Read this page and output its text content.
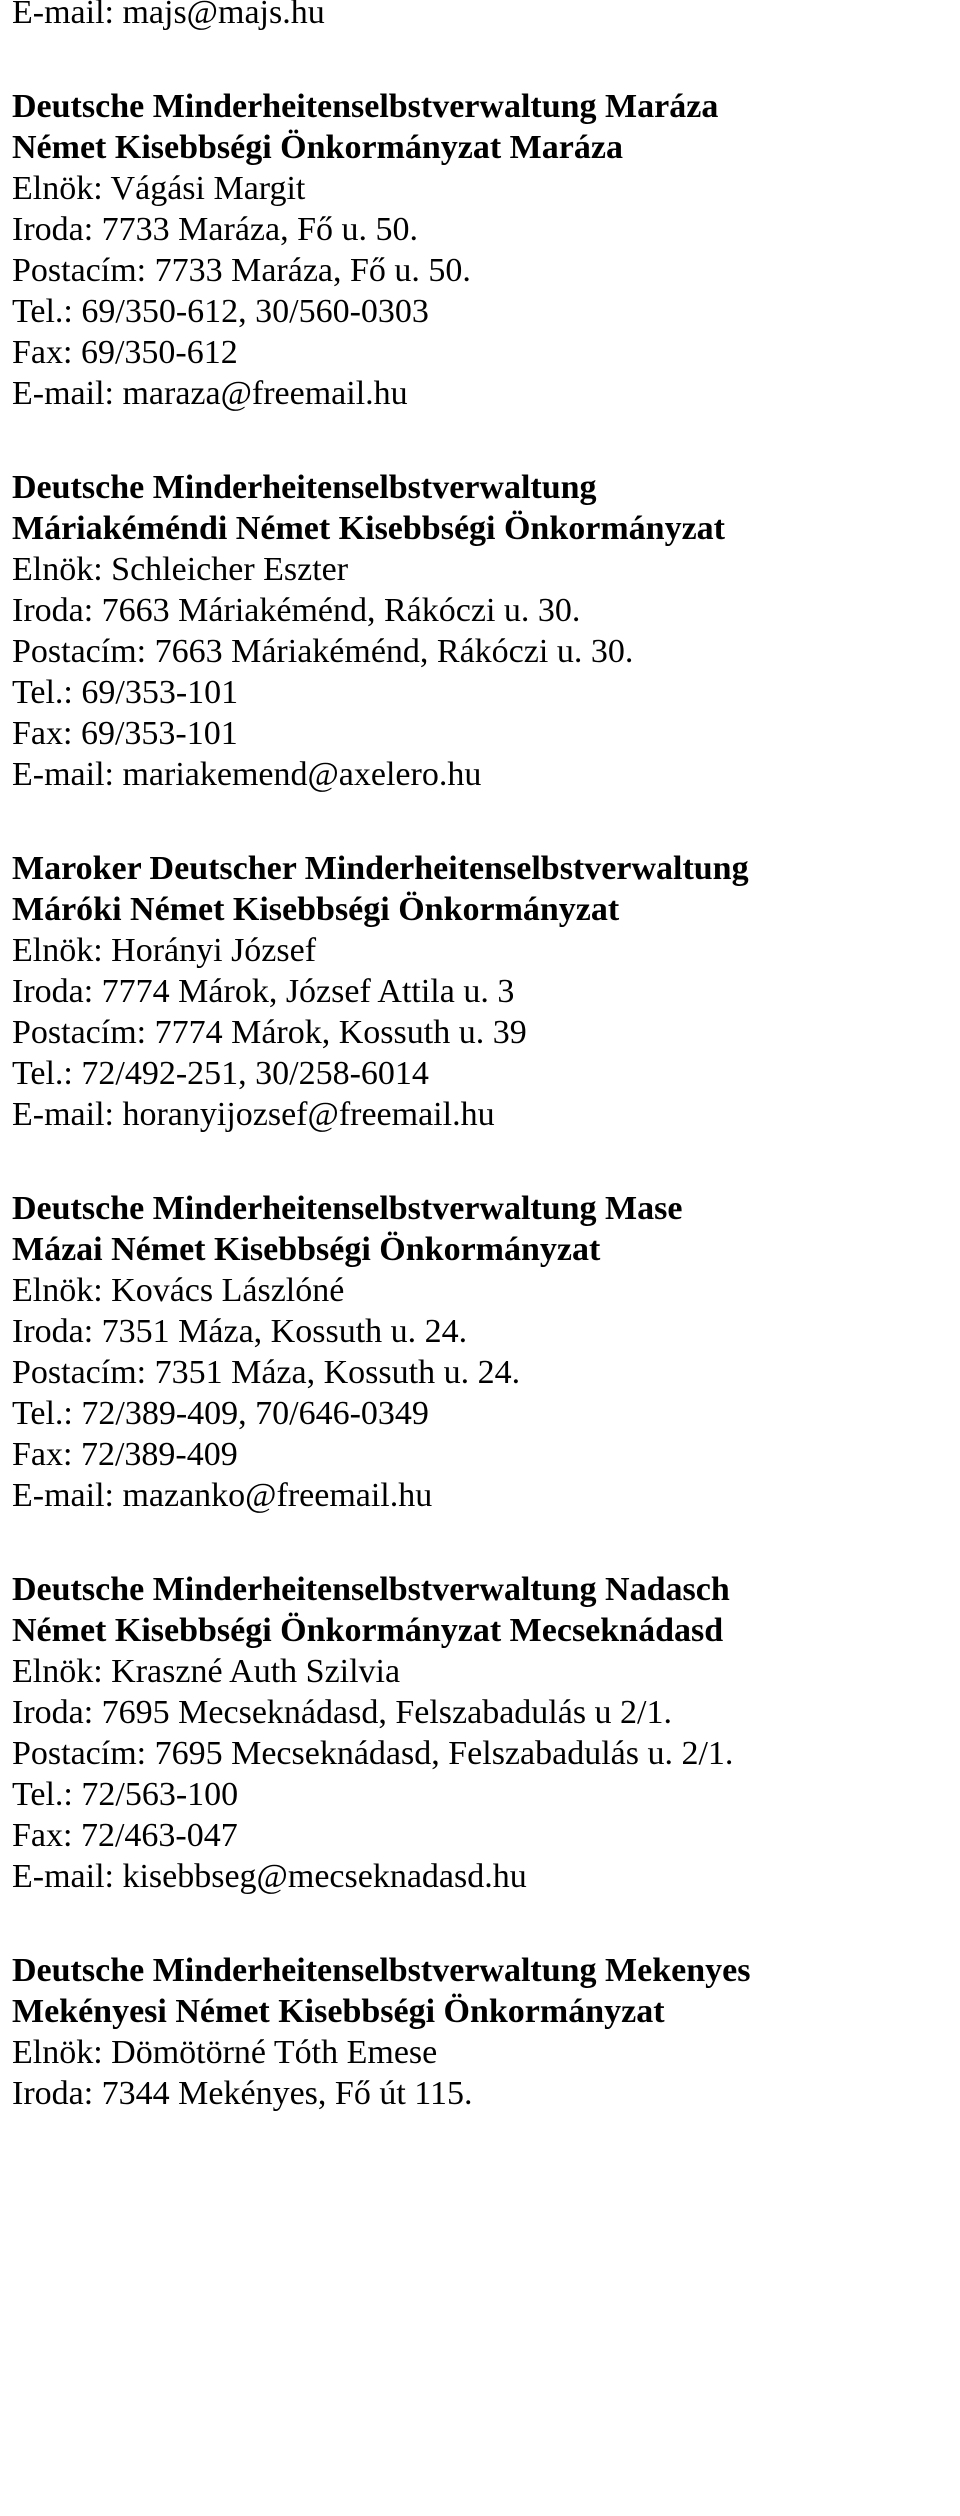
E-mail: majs@majs.hu
Deutsche Minderheitenselbstverwaltung Maráza
Német Kisebbségi Önkormányzat Maráza
Elnök: Vágási Margit
Iroda: 7733 Maráza, Fő u. 50.
Postacím: 7733 Maráza, Fő u. 50.
Tel.: 69/350-612, 30/560-0303
Fax: 69/350-612
E-mail: maraza@freemail.hu
Deutsche Minderheitenselbstverwaltung
Máriakéméndi Német Kisebbségi Önkormányzat
Elnök: Schleicher Eszter
Iroda: 7663 Máriakéménd, Rákóczi u. 30.
Postacím: 7663 Máriakéménd, Rákóczi u. 30.
Tel.: 69/353-101
Fax: 69/353-101
E-mail: mariakemend@axelero.hu
Maroker Deutscher Minderheitenselbstverwaltung
Máróki Német Kisebbségi Önkormányzat
Elnök: Horányi József
Iroda: 7774 Márok, József Attila u. 3
Postacím: 7774 Márok, Kossuth u. 39
Tel.: 72/492-251, 30/258-6014
E-mail: horanyijozsef@freemail.hu
Deutsche Minderheitenselbstverwaltung Mase
Mázai Német Kisebbségi Önkormányzat
Elnök: Kovács Lászlóné
Iroda: 7351 Máza, Kossuth u. 24.
Postacím: 7351 Máza, Kossuth u. 24.
Tel.: 72/389-409, 70/646-0349
Fax: 72/389-409
E-mail: mazanko@freemail.hu
Deutsche Minderheitenselbstverwaltung Nadasch
Német Kisebbségi Önkormányzat Mecseknádasd
Elnök: Kraszné Auth Szilvia
Iroda: 7695 Mecseknádasd, Felszabadulás u 2/1.
Postacím: 7695 Mecseknádasd, Felszabadulás u. 2/1.
Tel.: 72/563-100
Fax: 72/463-047
E-mail: kisebbseg@mecseknadasd.hu
Deutsche Minderheitenselbstverwaltung Mekenyes
Mekényesi Német Kisebbségi Önkormányzat
Elnök: Dömötörné Tóth Emese
Iroda: 7344 Mekényes, Fő út 115.
